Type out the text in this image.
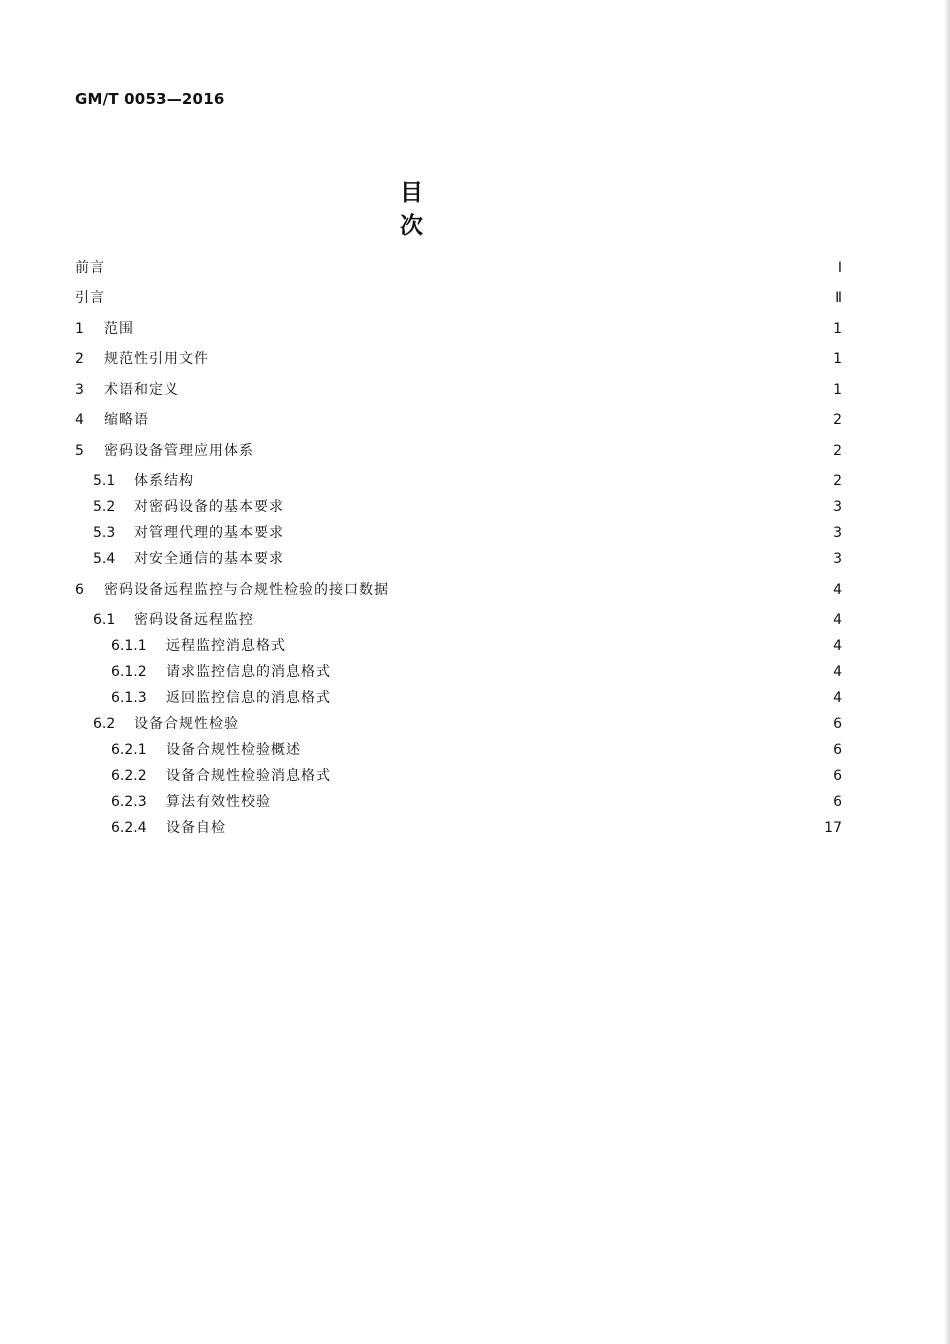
GM/T 0053—2016
目 次
前言	Ⅰ
引言	Ⅱ
1	范围	1
2	规范性引用文件	1
3	术语和定义	1
4	缩略语	2
5	密码设备管理应用体系	2
5.1	体系结构	2
5.2	对密码设备的基本要求	3
5.3	对管理代理的基本要求	3
5.4	对安全通信的基本要求	3
6	密码设备远程监控与合规性检验的接口数据	4
6.1	密码设备远程监控	4
6.1.1	远程监控消息格式	4
6.1.2	请求监控信息的消息格式	4
6.1.3	返回监控信息的消息格式	4
6.2	设备合规性检验	6
6.2.1	设备合规性检验概述	6
6.2.2	设备合规性检验消息格式	6
6.2.3	算法有效性校验	6
6.2.4	设备自检	17
